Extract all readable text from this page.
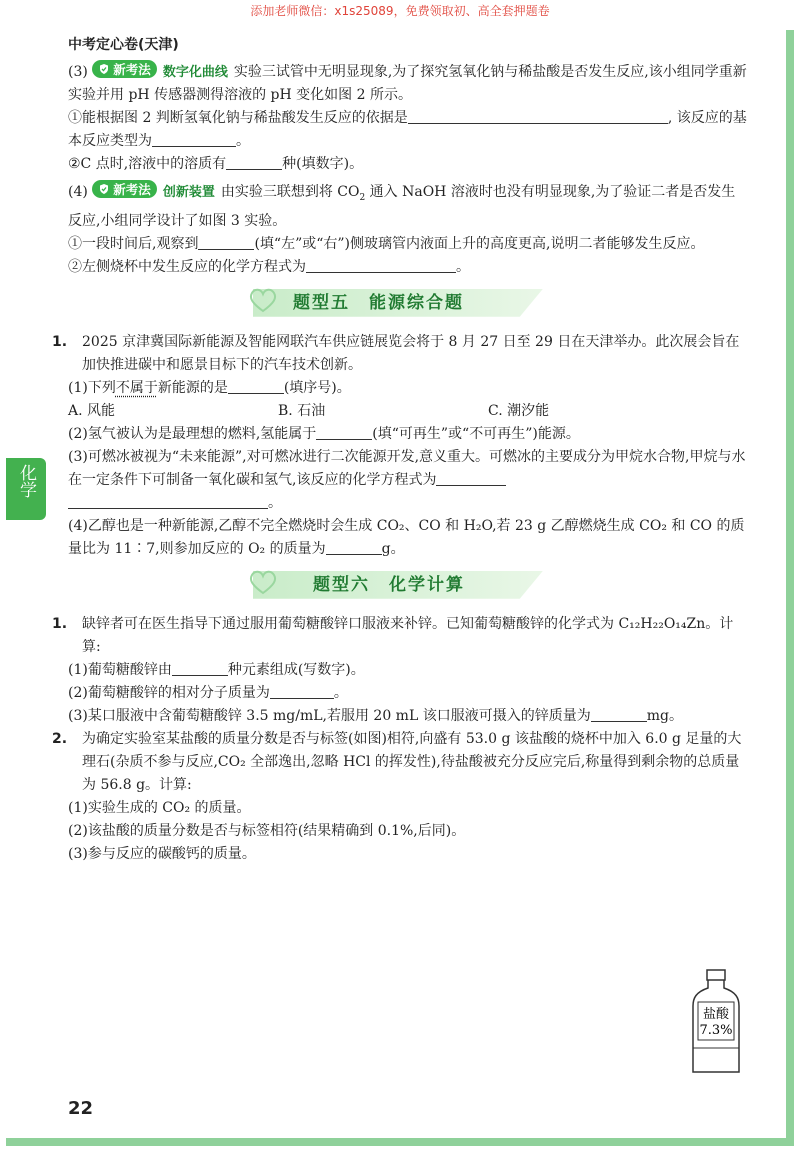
添加老师微信：x1s25089，免费领取初、高全套押题卷
中考定心卷(天津)

(3) 新考法 数字化曲线 实验三试管中无明显现象,为了探究氢氧化钠与稀盐酸是否发生反应,该小组同学重新实验并用 pH 传感器测得溶液的 pH 变化如图 2 所示。

①能根据图 2 判断氢氧化钠与稀盐酸发生反应的依据是	, 该反应的基本反应类型为	。

②C 点时,溶液中的溶质有	种(填数字)。

(4) 新考法 创新装置 由实验三联想到将 $CO_2$ 通入 NaOH 溶液时也没有明显现象,为了验证二者是否发生反应,小组同学设计了如图 3 实验。

①一段时间后,观察到	(填“左”或“右”)侧玻璃管内液面上升的高度更高,说明二者能够发生反应。

②左侧烧杯中发生反应的化学方程式为	。

题型五　能源综合题

1. 2025 京津冀国际新能源及智能网联汽车供应链展览会将于 8 月 27 日至 29 日在天津举办。此次展会旨在加快推进碳中和愿景目标下的汽车技术创新。

(1)下列不属于新能源的是	(填序号)。

A. 风能	B. 石油	C. 潮汐能

(2)氢气被认为是最理想的燃料,氢能属于	(填“可再生”或“不可再生”)能源。

(3)可燃冰被视为“未来能源”,对可燃冰进行二次能源开发,意义重大。可燃冰的主要成分为甲烷水合物,甲烷与水在一定条件下可制备一氧化碳和氢气,该反应的化学方程式为
。

(4)乙醇也是一种新能源,乙醇不完全燃烧时会生成 CO₂、CO 和 H₂O,若 23 g 乙醇燃烧生成 CO₂ 和 CO 的质量比为 11∶7,则参加反应的 O₂ 的质量为	g。

题型六　化学计算

1. 缺锌者可在医生指导下通过服用葡萄糖酸锌口服液来补锌。已知葡萄糖酸锌的化学式为 C₁₂H₂₂O₁₄Zn。计算:

(1)葡萄糖酸锌由	种元素组成(写数字)。

(2)葡萄糖酸锌的相对分子质量为	。

(3)某口服液中含葡萄糖酸锌 3.5 mg/mL,若服用 20 mL 该口服液可摄入的锌质量为	mg。

2. 为确定实验室某盐酸的质量分数是否与标签(如图)相符,向盛有 53.0 g 该盐酸的烧杯中加入 6.0 g 足量的大理石(杂质不参与反应,CO₂ 全部逸出,忽略 HCl 的挥发性),待盐酸被充分反应完后,称量得到剩余物的总质量为 56.8 g。计算:

(1)实验生成的 CO₂ 的质量。

(2)该盐酸的质量分数是否与标签相符(结果精确到 0.1%,后同)。

(3)参与反应的碳酸钙的质量。

盐酸
7.3%
化学
22
